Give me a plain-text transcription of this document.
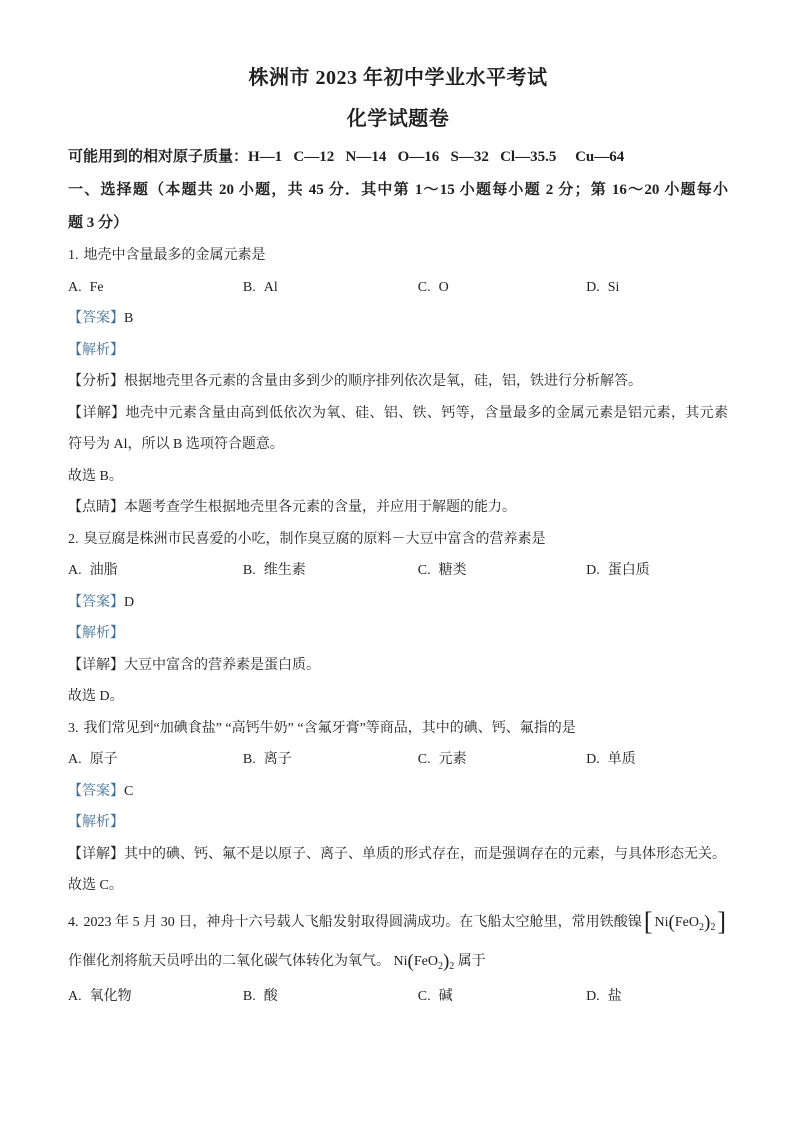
株洲市 2023 年初中学业水平考试
化学试题卷
可能用到的相对原子质量：H—1   C—12   N—14   O—16   S—32   Cl—35.5     Cu—64
一、选择题（本题共 20 小题，共 45 分．其中第 1～15 小题每小题 2 分；第 16～20 小题每小
题 3 分）
1. 地壳中含量最多的金属元素是
A. Fe	B. Al	C. O	D. Si
【答案】B
【解析】
【分析】根据地壳里各元素的含量由多到少的顺序排列依次是氧，硅，铝，铁进行分析解答。
【详解】地壳中元素含量由高到低依次为氧、硅、铝、铁、钙等，含量最多的金属元素是铝元素，其元素
符号为 Al，所以 B 选项符合题意。
故选 B。
【点睛】本题考查学生根据地壳里各元素的含量，并应用于解题的能力。
2. 臭豆腐是株洲市民喜爱的小吃，制作臭豆腐的原料－大豆中富含的营养素是
A. 油脂	B. 维生素	C. 糖类	D. 蛋白质
【答案】D
【解析】
【详解】大豆中富含的营养素是蛋白质。
故选 D。
3. 我们常见到“加碘食盐” “高钙牛奶” “含氟牙膏”等商品，其中的碘、钙、氟指的是
A. 原子	B. 离子	C. 元素	D. 单质
【答案】C
【解析】
【详解】其中的碘、钙、氟不是以原子、离子、单质的形式存在，而是强调存在的元素，与具体形态无关。
故选 C。
4. 2023 年 5 月 30 日，神舟十六号载人飞船发射取得圆满成功。在飞船太空舱里，常用铁酸镍[ $Ni(FeO_2)_2$]
作催化剂将航天员呼出的二氧化碳气体转化为氧气。 $Ni(FeO_2)_2$ 属于
A. 氧化物	B. 酸	C. 碱	D. 盐
